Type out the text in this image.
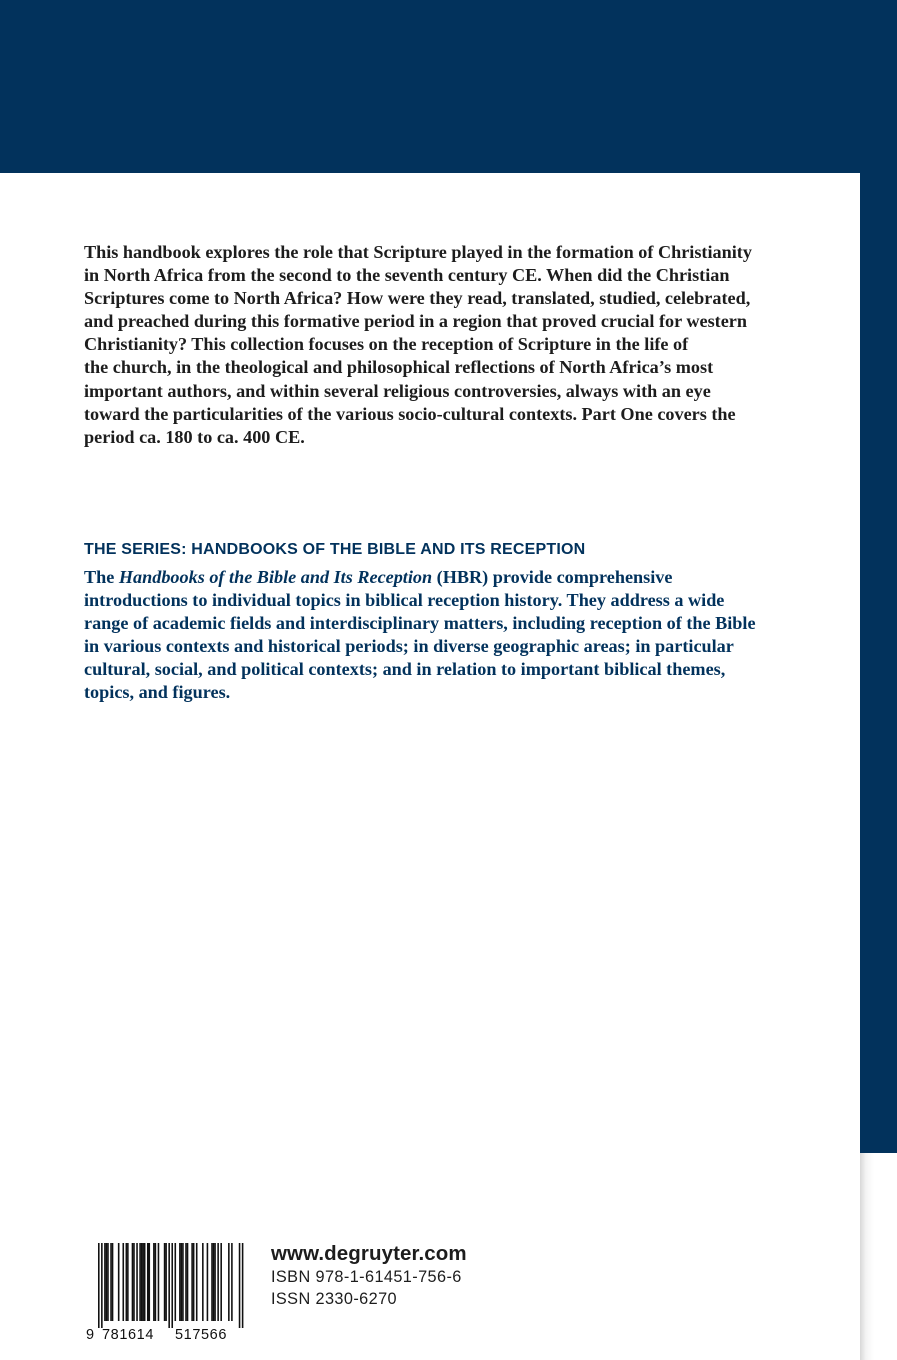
This handbook explores the role that Scripture played in the formation of Christianity
in North Africa from the second to the seventh century CE. When did the Christian
Scriptures come to North Africa? How were they read, translated, studied, celebrated,
and preached during this formative period in a region that proved crucial for western
Christianity? This collection focuses on the reception of Scripture in the life of
the church, in the theological and philosophical reflections of North Africa’s most
important authors, and within several religious controversies, always with an eye
toward the particularities of the various socio-cultural contexts. Part One covers the
period ca. 180 to ca. 400 CE.

THE SERIES: HANDBOOKS OF THE BIBLE AND ITS RECEPTION

The Handbooks of the Bible and Its Reception (HBR) provide comprehensive
introductions to individual topics in biblical reception history. They address a wide
range of academic fields and interdisciplinary matters, including reception of the Bible
in various contexts and historical periods; in diverse geographic areas; in particular
cultural, social, and political contexts; and in relation to important biblical themes,
topics, and figures.

9 781614 517566
www.degruyter.com
ISBN 978-1-61451-756-6
ISSN 2330-6270
